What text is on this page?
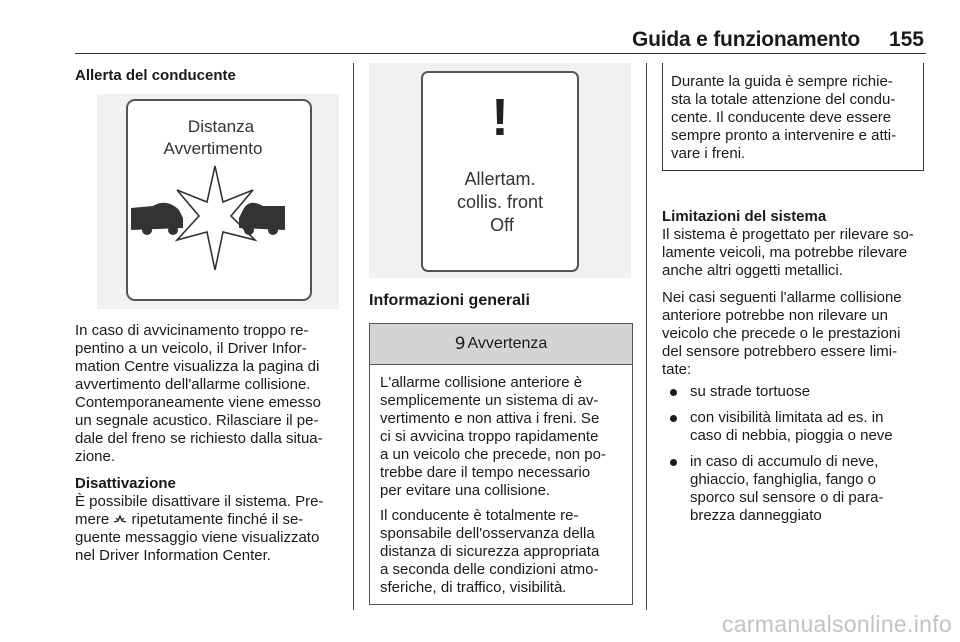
Guida e funzionamento 155

Allerta del conducente

Distanza
Avvertimento

In caso di avvicinamento troppo re-

pentino a un veicolo, il Driver Infor-

mation Centre visualizza la pagina di

avvertimento dell'allarme collisione.

Contemporaneamente viene emesso

un segnale acustico. Rilasciare il pe-

dale del freno se richiesto dalla situa-

zione.

Disattivazione

È possibile disattivare il sistema. Pre-

mere ripetutamente finché il se-

guente messaggio viene visualizzato

nel Driver Information Center.

!
Allertam.
collis. front
Off

Informazioni generali

9 Avvertenza

L'allarme collisione anteriore è

semplicemente un sistema di av-

vertimento e non attiva i freni. Se

ci si avvicina troppo rapidamente

a un veicolo che precede, non po-

trebbe dare il tempo necessario

per evitare una collisione.

Il conducente è totalmente re-

sponsabile dell'osservanza della

distanza di sicurezza appropriata

a seconda delle condizioni atmo-

sferiche, di traffico, visibilità.

Durante la guida è sempre richie-

sta la totale attenzione del condu-

cente. Il conducente deve essere

sempre pronto a intervenire e atti-

vare i freni.

Limitazioni del sistema

Il sistema è progettato per rilevare so-

lamente veicoli, ma potrebbe rilevare

anche altri oggetti metallici.

Nei casi seguenti l'allarme collisione

anteriore potrebbe non rilevare un

veicolo che precede o le prestazioni

del sensore potrebbero essere limi-

tate:

su strade tortuose

con visibilità limitata ad es. in

caso di nebbia, pioggia o neve

in caso di accumulo di neve,

ghiaccio, fanghiglia, fango o

sporco sul sensore o di para-

brezza danneggiato

carmanualsonline.info
